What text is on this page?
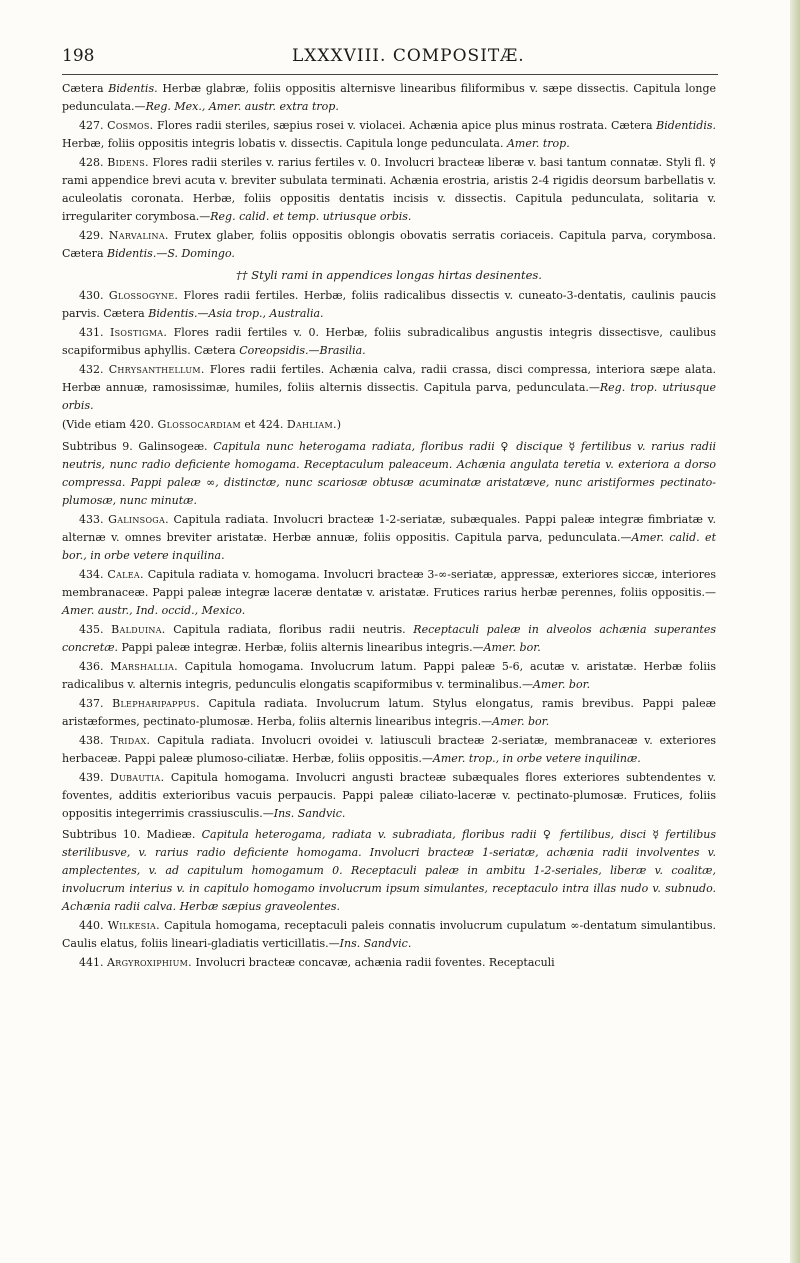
198	LXXXVIII. COMPOSITÆ.

Cætera Bidentis. Herbæ glabræ, foliis oppositis alternisve linearibus filiformibus v. sæpe dissectis. Capitula longe pedunculata.—Reg. Mex., Amer. austr. extra trop.

427. Cosmos. Flores radii steriles, sæpius rosei v. violacei. Achænia apice plus minus rostrata. Cætera Bidentidis. Herbæ, foliis oppositis integris lobatis v. dissectis. Capitula longe pedunculata. Amer. trop.

428. Bidens. Flores radii steriles v. rarius fertiles v. 0. Involucri bracteæ liberæ v. basi tantum connatæ. Styli fl. ☿ rami appendice brevi acuta v. breviter subulata terminati. Achænia erostria, aristis 2-4 rigidis deorsum barbellatis v. aculeolatis coronata. Herbæ, foliis oppositis dentatis incisis v. dissectis. Capitula pedunculata, solitaria v. irregulariter corymbosa.—Reg. calid. et temp. utriusque orbis.

429. Narvalina. Frutex glaber, foliis oppositis oblongis obovatis serratis coriaceis. Capitula parva, corymbosa. Cætera Bidentis.—S. Domingo.

†† Styli rami in appendices longas hirtas desinentes.

430. Glossogyne. Flores radii fertiles. Herbæ, foliis radicalibus dissectis v. cuneato-3-dentatis, caulinis paucis parvis. Cætera Bidentis.—Asia trop., Australia.

431. Isostigma. Flores radii fertiles v. 0. Herbæ, foliis subradicalibus angustis integris dissectisve, caulibus scapiformibus aphyllis. Cætera Coreopsidis.—Brasilia.

432. Chrysanthellum. Flores radii fertiles. Achænia calva, radii crassa, disci compressa, interiora sæpe alata. Herbæ annuæ, ramosissimæ, humiles, foliis alternis dissectis. Capitula parva, pedunculata.—Reg. trop. utriusque orbis.

(Vide etiam 420. Glossocardiam et 424. Dahliam.)

Subtribus 9. Galinsogeæ. Capitula nunc heterogama radiata, floribus radii ♀ discique ☿ fertilibus v. rarius radii neutris, nunc radio deficiente homogama. Receptaculum paleaceum. Achænia angulata teretia v. exteriora a dorso compressa. Pappi paleæ ∞, distinctæ, nunc scariosæ obtusæ acuminatæ aristatæve, nunc aristiformes pectinato-plumosæ, nunc minutæ.

433. Galinsoga. Capitula radiata. Involucri bracteæ 1-2-seriatæ, subæquales. Pappi paleæ integræ fimbriatæ v. alternæ v. omnes breviter aristatæ. Herbæ annuæ, foliis oppositis. Capitula parva, pedunculata.—Amer. calid. et bor., in orbe vetere inquilina.

434. Calea. Capitula radiata v. homogama. Involucri bracteæ 3-∞-seriatæ, appressæ, exteriores siccæ, interiores membranaceæ. Pappi paleæ integræ laceræ dentatæ v. aristatæ. Frutices rarius herbæ perennes, foliis oppositis.—Amer. austr., Ind. occid., Mexico.

435. Balduina. Capitula radiata, floribus radii neutris. Receptaculi paleæ in alveolos achænia superantes concretæ. Pappi paleæ integræ. Herbæ, foliis alternis linearibus integris.—Amer. bor.

436. Marshallia. Capitula homogama. Involucrum latum. Pappi paleæ 5-6, acutæ v. aristatæ. Herbæ foliis radicalibus v. alternis integris, pedunculis elongatis scapiformibus v. terminalibus.—Amer. bor.

437. Blepharipappus. Capitula radiata. Involucrum latum. Stylus elongatus, ramis brevibus. Pappi paleæ aristæformes, pectinato-plumosæ. Herba, foliis alternis linearibus integris.—Amer. bor.

438. Tridax. Capitula radiata. Involucri ovoidei v. latiusculi bracteæ 2-seriatæ, membranaceæ v. exteriores herbaceæ. Pappi paleæ plumoso-ciliatæ. Herbæ, foliis oppositis.—Amer. trop., in orbe vetere inquilinæ.

439. Dubautia. Capitula homogama. Involucri angusti bracteæ subæquales flores exteriores subtendentes v. foventes, additis exterioribus vacuis perpaucis. Pappi paleæ ciliato-laceræ v. pectinato-plumosæ. Frutices, foliis oppositis integerrimis crassiusculis.—Ins. Sandvic.

Subtribus 10. Madieæ. Capitula heterogama, radiata v. subradiata, floribus radii ♀ fertilibus, disci ☿ fertilibus sterilibusve, v. rarius radio deficiente homogama. Involucri bracteæ 1-seriatæ, achænia radii involventes v. amplectentes, v. ad capitulum homogamum 0. Receptaculi paleæ in ambitu 1-2-seriales, liberæ v. coalitæ, involucrum interius v. in capitulo homogamo involucrum ipsum simulantes, receptaculo intra illas nudo v. subnudo. Achænia radii calva. Herbæ sæpius graveolentes.

440. Wilkesia. Capitula homogama, receptaculi paleis connatis involucrum cupulatum ∞-dentatum simulantibus. Caulis elatus, foliis lineari-gladiatis verticillatis.—Ins. Sandvic.

441. Argyroxiphium. Involucri bracteæ concavæ, achænia radii foventes. Receptaculi
